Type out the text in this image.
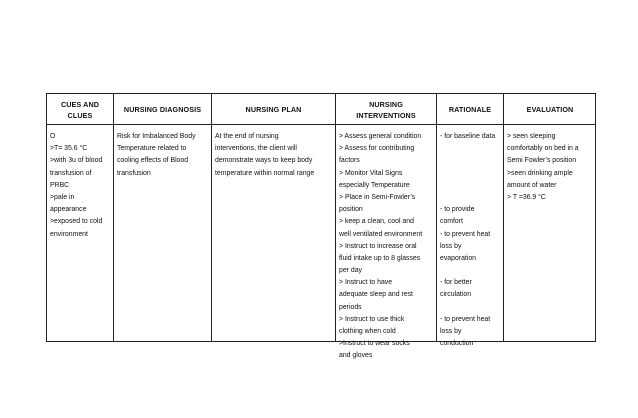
CUES AND
CLUES
NURSING DIAGNOSIS	NURSING PLAN
NURSING
INTERVENTIONS
RATIONALE	EVALUATION
O
>T= 35.6 °C
>with 3u of blood
transfusion of
PRBC
>pale in
appearance
>exposed to cold
environment
Risk for Imbalanced Body
Temperature related to
cooling effects of Blood
transfusion
At the end of nursing
interventions, the client will
demonstrate ways to keep body
temperature within normal range
> Assess general condition
> Assess for contributing
factors
> Monitor Vital Signs
especially Temperature
> Place in Semi-Fowler’s
position
> keep a clean, cool and
well ventilated environment
> Instruct to increase oral
fluid intake up to 8 glasses
per day
> Instruct to have
adequate sleep and rest
periods
> Instruct to use thick
clothing when cold
>Instruct to wear socks
and gloves
- for baseline data
- to provide
comfort
- to prevent heat
loss by
evaporation
- for better
circulation
- to prevent heat
loss by
conduction
> seen sleeping
comfortably on bed in a
Semi Fowler’s position
>seen drinking ample
amount of water
> T =36.9 °C
